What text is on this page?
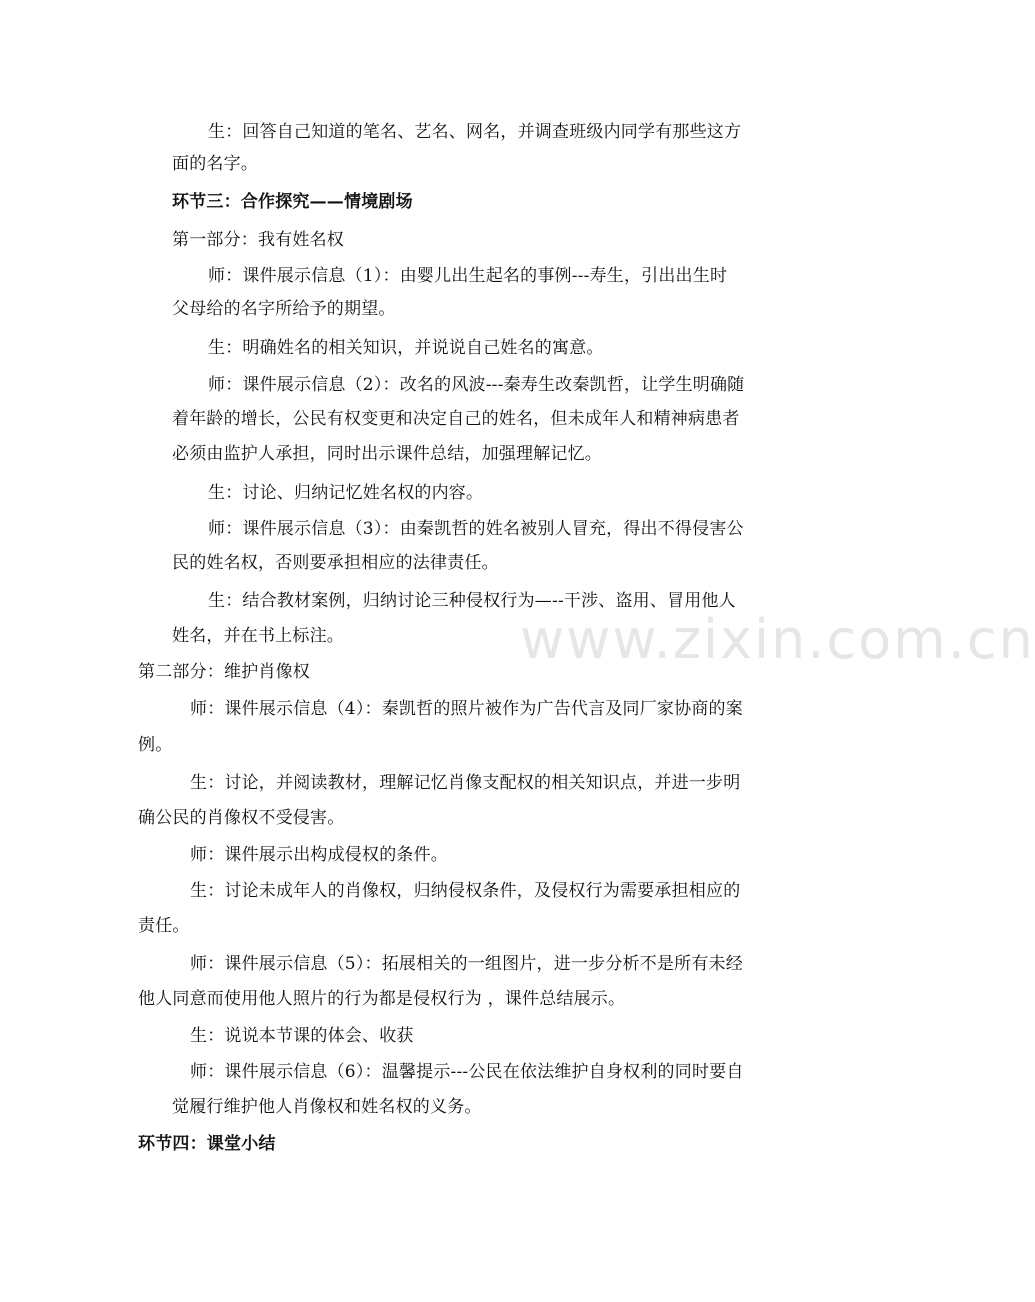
www.zixin.com.cn
生：回答自己知道的笔名、艺名、网名，并调查班级内同学有那些这方
面的名字。
环节三：合作探究——情境剧场
第一部分：我有姓名权
师：课件展示信息（1）：由婴儿出生起名的事例---寿生，引出出生时
父母给的名字所给予的期望。
生：明确姓名的相关知识，并说说自己姓名的寓意。
师：课件展示信息（2）：改名的风波---秦寿生改秦凯哲，让学生明确随
着年龄的增长，公民有权变更和决定自己的姓名，但未成年人和精神病患者
必须由监护人承担，同时出示课件总结，加强理解记忆。
生：讨论、归纳记忆姓名权的内容。
师：课件展示信息（3）：由秦凯哲的姓名被别人冒充，得出不得侵害公
民的姓名权，否则要承担相应的法律责任。
生：结合教材案例，归纳讨论三种侵权行为—--干涉、盗用、冒用他人
姓名，并在书上标注。
第二部分：维护肖像权
师：课件展示信息（4）：秦凯哲的照片被作为广告代言及同厂家协商的案
例。
生：讨论，并阅读教材，理解记忆肖像支配权的相关知识点，并进一步明
确公民的肖像权不受侵害。
师：课件展示出构成侵权的条件。
生：讨论未成年人的肖像权，归纳侵权条件，及侵权行为需要承担相应的
责任。
师：课件展示信息（5）：拓展相关的一组图片，进一步分析不是所有未经
他人同意而使用他人照片的行为都是侵权行为 ，课件总结展示。
生：说说本节课的体会、收获
师：课件展示信息（6）：温馨提示---公民在依法维护自身权利的同时要自
觉履行维护他人肖像权和姓名权的义务。
环节四：课堂小结
